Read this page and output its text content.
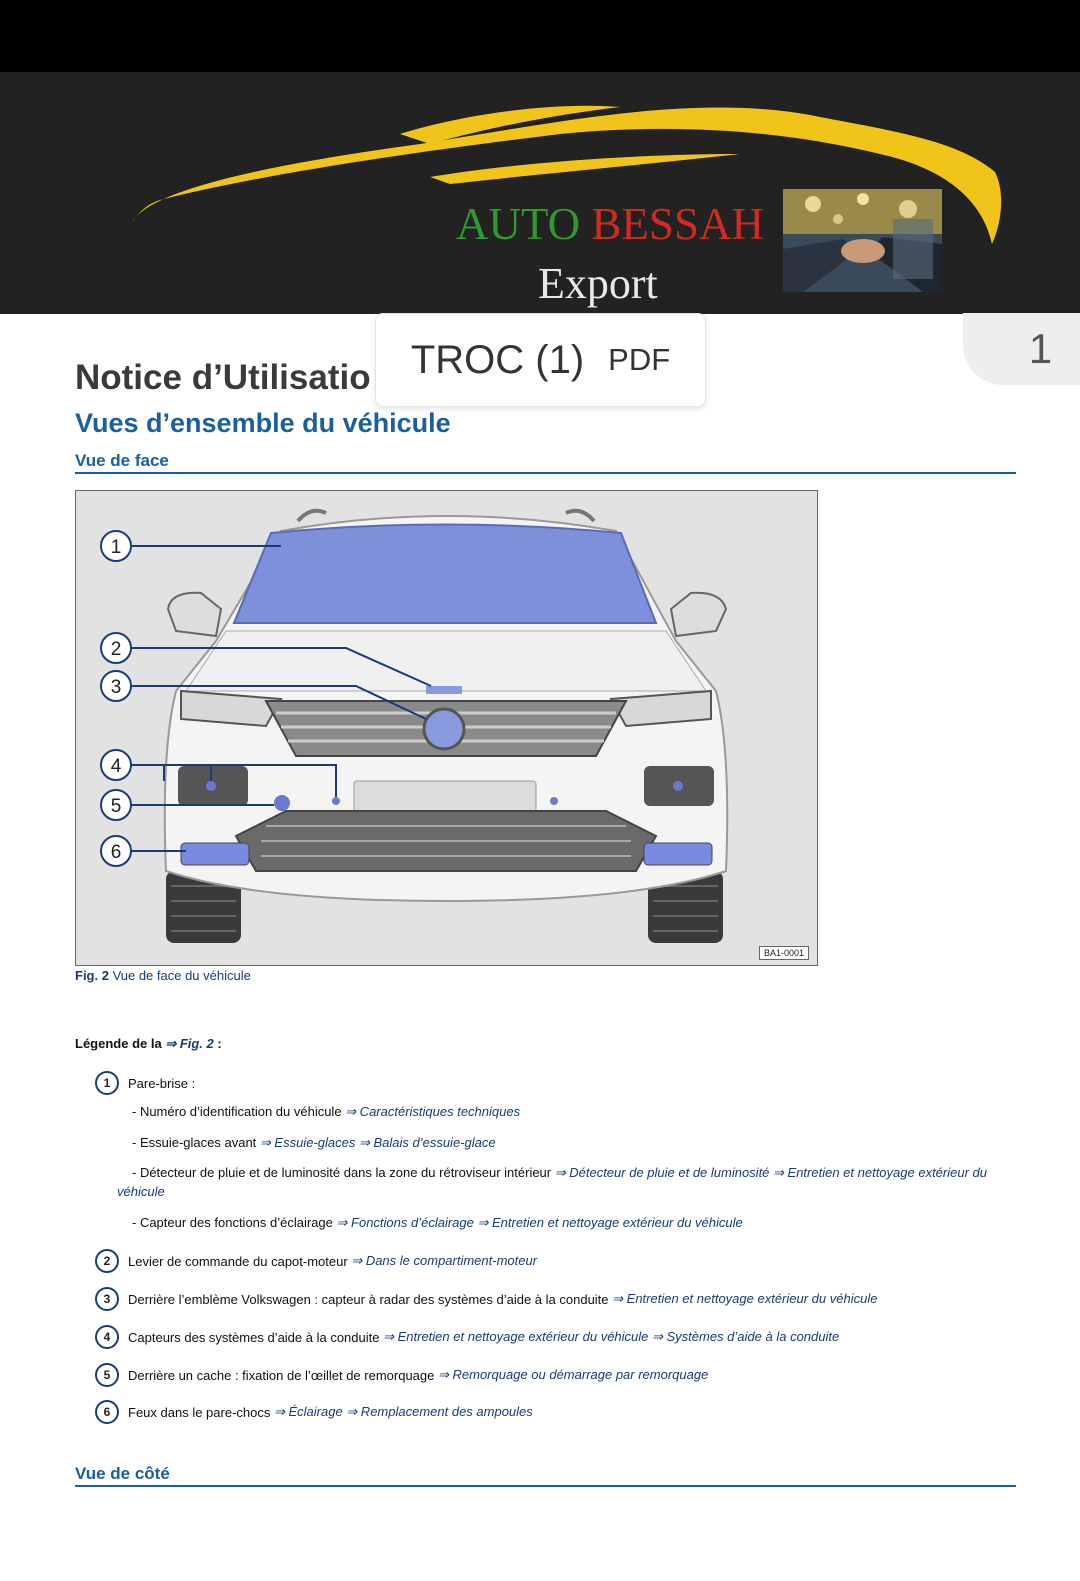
AUTO BESSAH
Export
TROC (1) PDF	1
Notice d’Utilisatio
Vues d’ensemble du véhicule
Vue de face
1
2
3
4
5
6
BA1-0001
Fig. 2 Vue de face du véhicule
Légende de la ⇒ Fig. 2 :
1	Pare-brise :
- Numéro d’identification du véhicule ⇒ Caractéristiques techniques
- Essuie-glaces avant ⇒ Essuie-glaces ⇒ Balais d’essuie-glace
- Détecteur de pluie et de luminosité dans la zone du rétroviseur intérieur ⇒ Détecteur de pluie et de luminosité ⇒ Entretien et nettoyage extérieur du véhicule
- Capteur des fonctions d’éclairage ⇒ Fonctions d’éclairage ⇒ Entretien et nettoyage extérieur du véhicule
2	Levier de commande du capot-moteur
⇒ Dans le compartiment-moteur
3	Derrière l’emblème Volkswagen : capteur à radar des systèmes d’aide à la conduite
⇒ Entretien et nettoyage extérieur du véhicule
4	Capteurs des systèmes d’aide à la conduite
⇒ Entretien et nettoyage extérieur du véhicule ⇒ Systèmes d’aide à la conduite
5	Derrière un cache : fixation de l’œillet de remorquage
⇒ Remorquage ou démarrage par remorquage
6	Feux dans le pare-chocs
⇒ Éclairage ⇒ Remplacement des ampoules
Vue de côté
